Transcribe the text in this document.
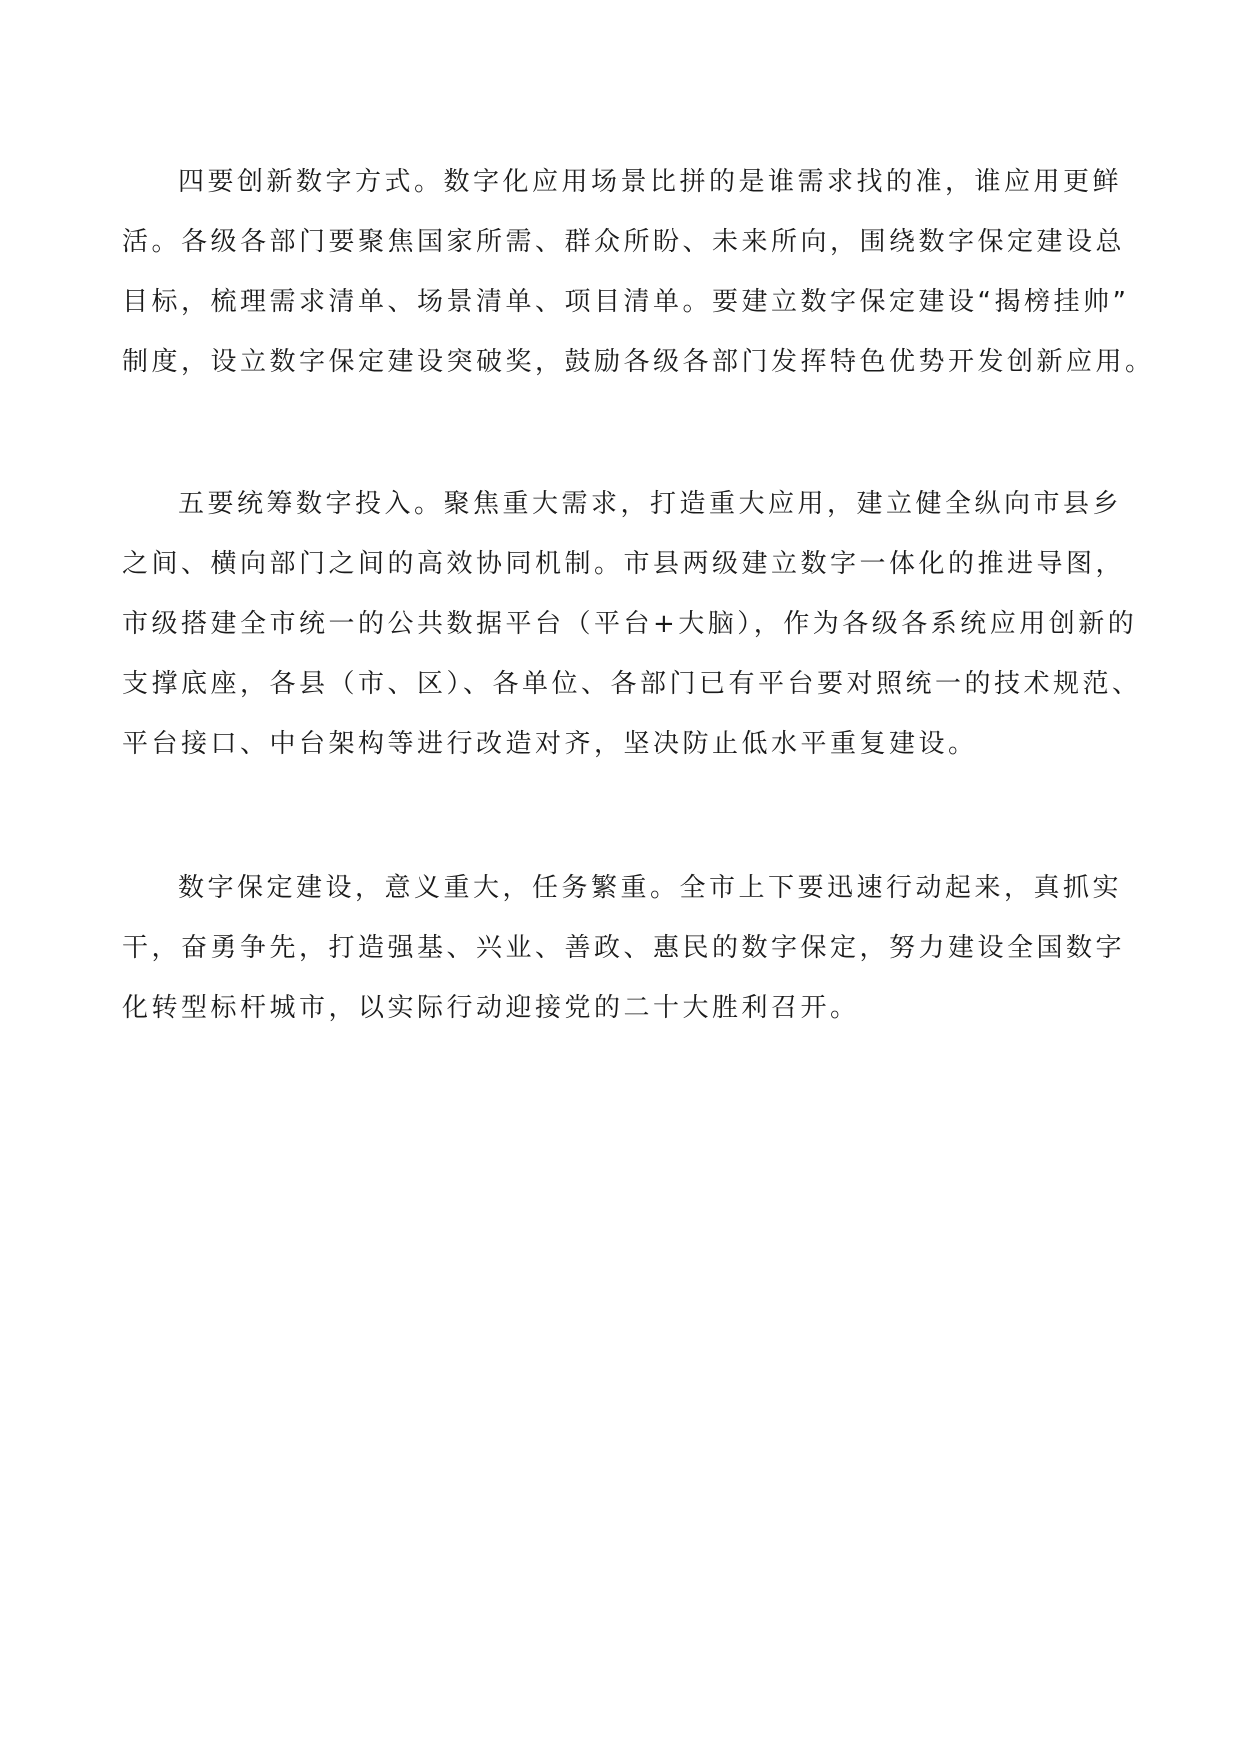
四要创新数字方式。数字化应用场景比拼的是谁需求找的准，谁应用更鲜
活。各级各部门要聚焦国家所需、群众所盼、未来所向，围绕数字保定建设总
目标，梳理需求清单、场景清单、项目清单。要建立数字保定建设“揭榜挂帅”
制度，设立数字保定建设突破奖，鼓励各级各部门发挥特色优势开发创新应用。
五要统筹数字投入。聚焦重大需求，打造重大应用，建立健全纵向市县乡
之间、横向部门之间的高效协同机制。市县两级建立数字一体化的推进导图，
市级搭建全市统一的公共数据平台（平台+大脑），作为各级各系统应用创新的
支撑底座，各县（市、区）、各单位、各部门已有平台要对照统一的技术规范、
平台接口、中台架构等进行改造对齐，坚决防止低水平重复建设。
数字保定建设，意义重大，任务繁重。全市上下要迅速行动起来，真抓实
干，奋勇争先，打造强基、兴业、善政、惠民的数字保定，努力建设全国数字
化转型标杆城市，以实际行动迎接党的二十大胜利召开。
